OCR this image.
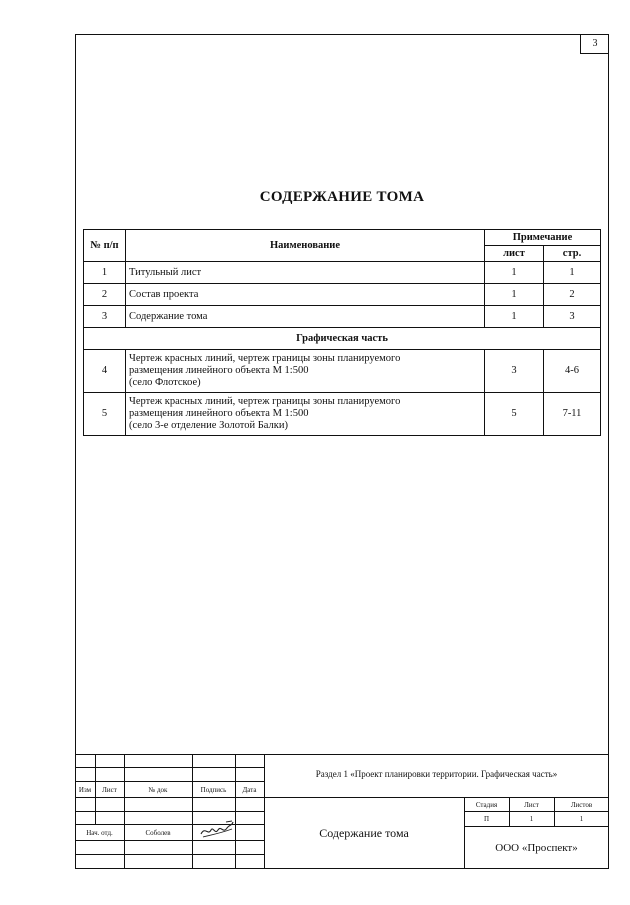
3
СОДЕРЖАНИЕ ТОМА
№ п/п	Наименование	Примечание	
		лист	стр.
1	Титульный лист	1	1
2	Состав проекта	1	2
3	Содержание тома	1	3
Графическая часть			
4	Чертеж красных линий, чертеж границы зоны планируемого
размещения линейного объекта М 1:500
(село Флотское)	3	4-6
5	Чертеж красных линий, чертеж границы зоны планируемого
размещения линейного объекта М 1:500
(село 3-е отделение Золотой Балки)	5	7-11
Изм	Лист	№ док	Подпись	Дата
Нач. отд.	Соболев
Раздел 1 «Проект планировки территории. Графическая часть»
Содержание тома
Стадия	Лист	Листов
П	1	1
ООО «Проспект»
